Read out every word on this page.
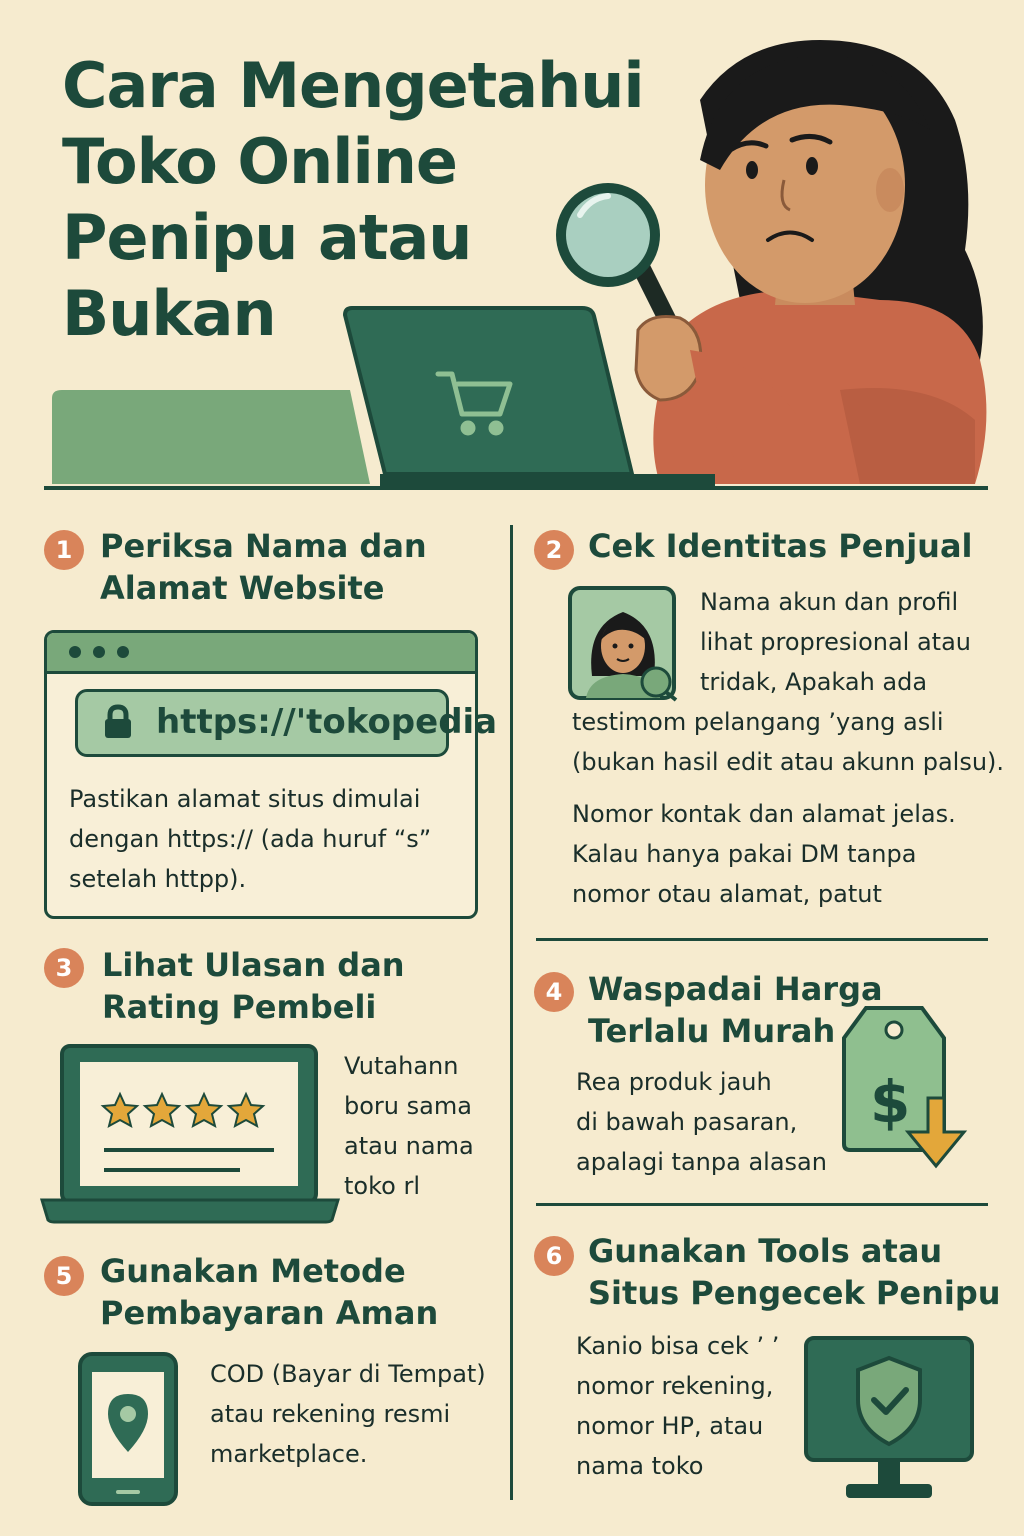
Cara Mengetahui
Toko Online
Penipu atau
Bukan
1 Periksa Nama dan
Alamat Website
https://'tokopedia
Pastikan alamat situs dimulai
dengan https:// (ada huruf “s”
setelah httpp).
2 Cek Identitas Penjual
Nama akun dan profil
lihat propresional atau
tridak, Apakah ada
testimom pelangang ’yang asli
(bukan hasil edit atau akunn palsu).
Nomor kontak dan alamat jelas.
Kalau hanya pakai DM tanpa
nomor otau alamat, patut
3 Lihat Ulasan dan
Rating Pembeli
Vutahann
boru sama
atau nama
toko rl
4 Waspadai Harga
Terlalu Murah
Rea produk jauh
di bawah pasaran,
apalagi tanpa alasan
$
5 Gunakan Metode
Pembayaran Aman
COD (Bayar di Tempat)
atau rekening resmi
marketplace.
6 Gunakan Tools atau
Situs Pengecek Penipu
Kanio bisa cek ’ ’
nomor rekening,
nomor HP, atau
nama toko
